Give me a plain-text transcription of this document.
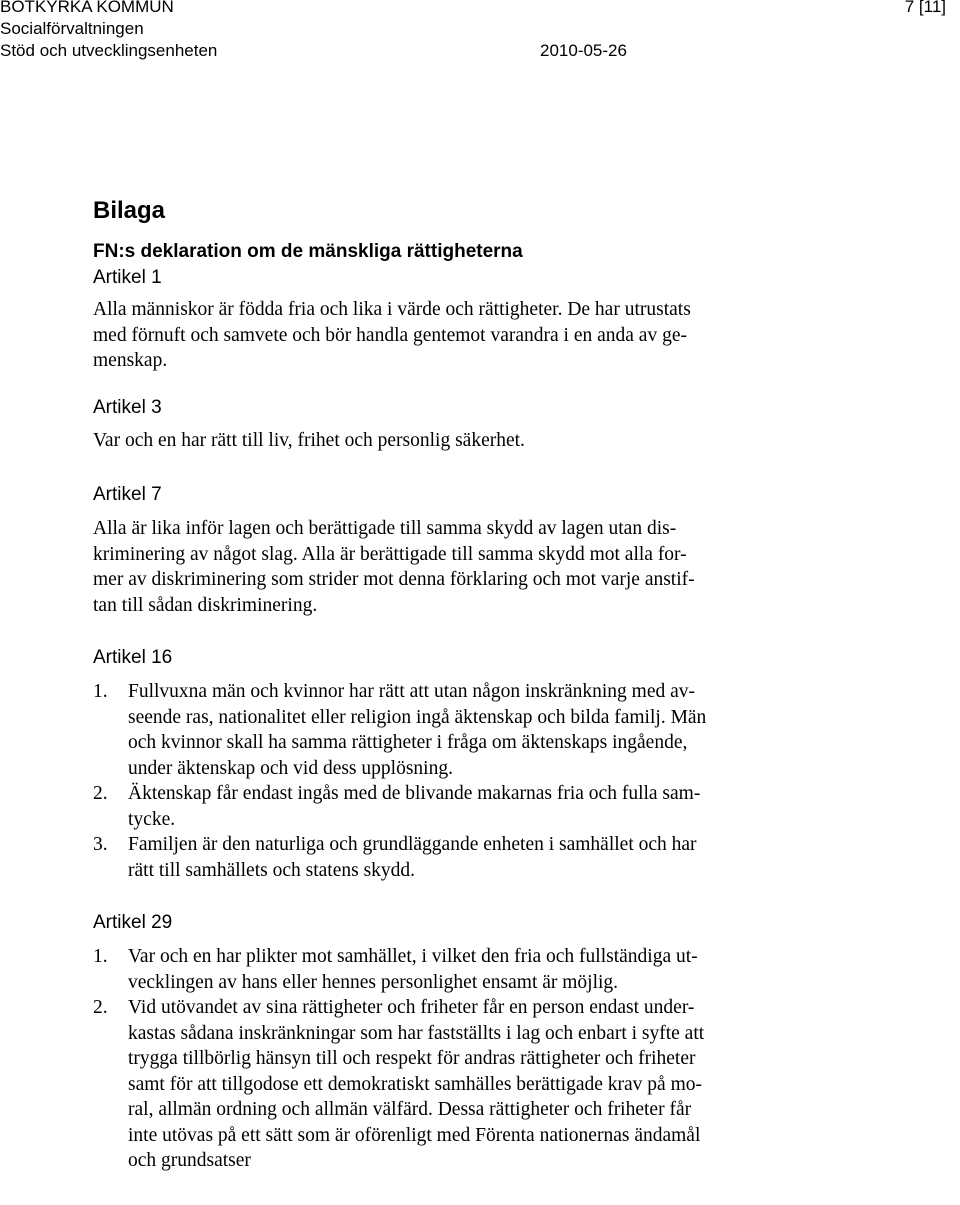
BOTKYRKA KOMMUN
Socialförvaltningen
Stöd och utvecklingsenheten	2010-05-26
7 [11]
Bilaga
FN:s deklaration om de mänskliga rättigheterna
Artikel 1

Alla människor är födda fria och lika i värde och rättigheter. De har utrustats
med förnuft och samvete och bör handla gentemot varandra i en anda av ge-
menskap.

Artikel 3

Var och en har rätt till liv, frihet och personlig säkerhet.

Artikel 7

Alla är lika inför lagen och berättigade till samma skydd av lagen utan dis-
kriminering av något slag. Alla är berättigade till samma skydd mot alla for-
mer av diskriminering som strider mot denna förklaring och mot varje anstif-
tan till sådan diskriminering.

Artikel 16
1. Fullvuxna män och kvinnor har rätt att utan någon inskränkning med av-
seende ras, nationalitet eller religion ingå äktenskap och bilda familj. Män
och kvinnor skall ha samma rättigheter i fråga om äktenskaps ingående,
under äktenskap och vid dess upplösning.
2. Äktenskap får endast ingås med de blivande makarnas fria och fulla sam-
tycke.
3. Familjen är den naturliga och grundläggande enheten i samhället och har
rätt till samhällets och statens skydd.
Artikel 29
1. Var och en har plikter mot samhället, i vilket den fria och fullständiga ut-
vecklingen av hans eller hennes personlighet ensamt är möjlig.
2. Vid utövandet av sina rättigheter och friheter får en person endast under-
kastas sådana inskränkningar som har fastställts i lag och enbart i syfte att
trygga tillbörlig hänsyn till och respekt för andras rättigheter och friheter
samt för att tillgodose ett demokratiskt samhälles berättigade krav på mo-
ral, allmän ordning och allmän välfärd. Dessa rättigheter och friheter får
inte utövas på ett sätt som är oförenligt med Förenta nationernas ändamål
och grundsatser
